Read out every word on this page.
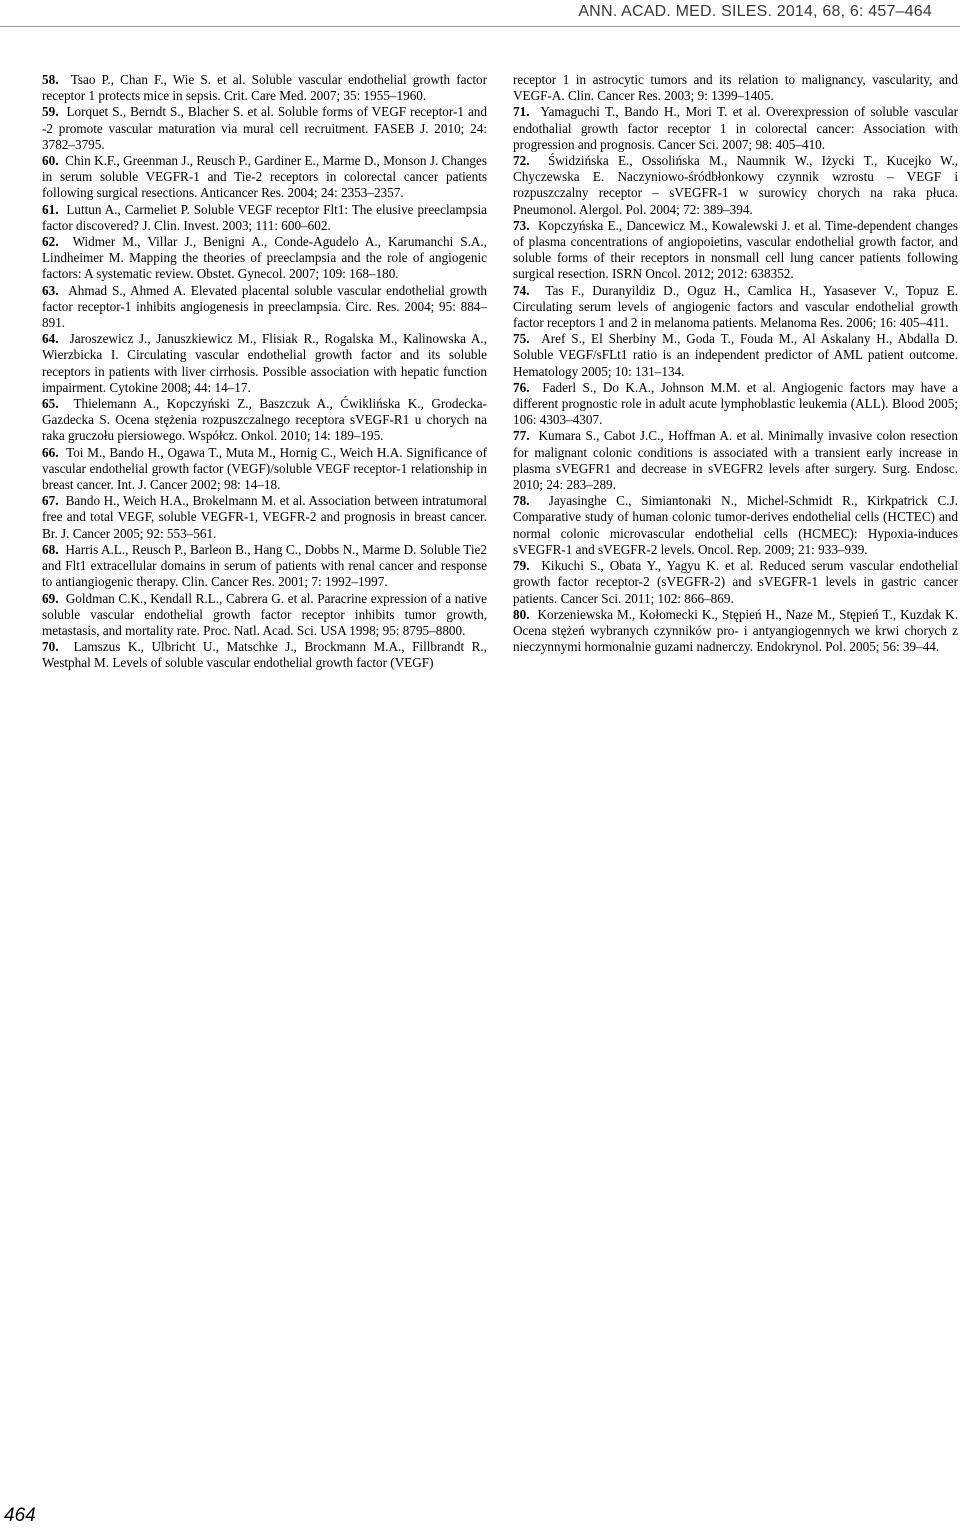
ANN. ACAD. MED. SILES. 2014, 68, 6: 457–464

58. Tsao P., Chan F., Wie S. et al. Soluble vascular endothelial growth factor receptor 1 protects mice in sepsis. Crit. Care Med. 2007; 35: 1955–1960.

59. Lorquet S., Berndt S., Blacher S. et al. Soluble forms of VEGF receptor-1 and -2 promote vascular maturation via mural cell recruitment. FASEB J. 2010; 24: 3782–3795.

60. Chin K.F., Greenman J., Reusch P., Gardiner E., Marme D., Monson J. Changes in serum soluble VEGFR-1 and Tie-2 receptors in colorectal cancer patients following surgical resections. Anticancer Res. 2004; 24: 2353–2357.

61. Luttun A., Carmeliet P. Soluble VEGF receptor Flt1: The elusive preeclampsia factor discovered? J. Clin. Invest. 2003; 111: 600–602.

62. Widmer M., Villar J., Benigni A., Conde-Agudelo A., Karumanchi S.A., Lindheimer M. Mapping the theories of preeclampsia and the role of angiogenic factors: A systematic review. Obstet. Gynecol. 2007; 109: 168–180.

63. Ahmad S., Ahmed A. Elevated placental soluble vascular endothelial growth factor receptor-1 inhibits angiogenesis in preeclampsia. Circ. Res. 2004; 95: 884–891.

64. Jaroszewicz J., Januszkiewicz M., Flisiak R., Rogalska M., Kalinowska A., Wierzbicka I. Circulating vascular endothelial growth factor and its soluble receptors in patients with liver cirrhosis. Possible association with hepatic function impairment. Cytokine 2008; 44: 14–17.

65. Thielemann A., Kopczyński Z., Baszczuk A., Ćwiklińska K., Grodecka-Gazdecka S. Ocena stężenia rozpuszczalnego receptora sVEGF-R1 u chorych na raka gruczołu piersiowego. Współcz. Onkol. 2010; 14: 189–195.

66. Toi M., Bando H., Ogawa T., Muta M., Hornig C., Weich H.A. Significance of vascular endothelial growth factor (VEGF)/soluble VEGF receptor-1 relationship in breast cancer. Int. J. Cancer 2002; 98: 14–18.

67. Bando H., Weich H.A., Brokelmann M. et al. Association between intratumoral free and total VEGF, soluble VEGFR-1, VEGFR-2 and prognosis in breast cancer. Br. J. Cancer 2005; 92: 553–561.

68. Harris A.L., Reusch P., Barleon B., Hang C., Dobbs N., Marme D. Soluble Tie2 and Flt1 extracellular domains in serum of patients with renal cancer and response to antiangiogenic therapy. Clin. Cancer Res. 2001; 7: 1992–1997.

69. Goldman C.K., Kendall R.L., Cabrera G. et al. Paracrine expression of a native soluble vascular endothelial growth factor receptor inhibits tumor growth, metastasis, and mortality rate. Proc. Natl. Acad. Sci. USA 1998; 95: 8795–8800.

70. Lamszus K., Ulbricht U., Matschke J., Brockmann M.A., Fillbrandt R., Westphal M. Levels of soluble vascular endothelial growth factor (VEGF)

receptor 1 in astrocytic tumors and its relation to malignancy, vascularity, and VEGF-A. Clin. Cancer Res. 2003; 9: 1399–1405.

71. Yamaguchi T., Bando H., Mori T. et al. Overexpression of soluble vascular endothalial growth factor receptor 1 in colorectal cancer: Association with progression and prognosis. Cancer Sci. 2007; 98: 405–410.

72. Świdzińska E., Ossolińska M., Naumnik W., Iżycki T., Kucejko W., Chyczewska E. Naczyniowo-śródbłonkowy czynnik wzrostu – VEGF i rozpuszczalny receptor – sVEGFR-1 w surowicy chorych na raka płuca. Pneumonol. Alergol. Pol. 2004; 72: 389–394.

73. Kopczyńska E., Dancewicz M., Kowalewski J. et al. Time-dependent changes of plasma concentrations of angiopoietins, vascular endothelial growth factor, and soluble forms of their receptors in nonsmall cell lung cancer patients following surgical resection. ISRN Oncol. 2012; 2012: 638352.

74. Tas F., Duranyildiz D., Oguz H., Camlica H., Yasasever V., Topuz E. Circulating serum levels of angiogenic factors and vascular endothelial growth factor receptors 1 and 2 in melanoma patients. Melanoma Res. 2006; 16: 405–411.

75. Aref S., El Sherbiny M., Goda T., Fouda M., Al Askalany H., Abdalla D. Soluble VEGF/sFLt1 ratio is an independent predictor of AML patient outcome. Hematology 2005; 10: 131–134.

76. Faderl S., Do K.A., Johnson M.M. et al. Angiogenic factors may have a different prognostic role in adult acute lymphoblastic leukemia (ALL). Blood 2005; 106: 4303–4307.

77. Kumara S., Cabot J.C., Hoffman A. et al. Minimally invasive colon resection for malignant colonic conditions is associated with a transient early increase in plasma sVEGFR1 and decrease in sVEGFR2 levels after surgery. Surg. Endosc. 2010; 24: 283–289.

78. Jayasinghe C., Simiantonaki N., Michel-Schmidt R., Kirkpatrick C.J. Comparative study of human colonic tumor-derives endothelial cells (HCTEC) and normal colonic microvascular endothelial cells (HCMEC): Hypoxia-induces sVEGFR-1 and sVEGFR-2 levels. Oncol. Rep. 2009; 21: 933–939.

79. Kikuchi S., Obata Y., Yagyu K. et al. Reduced serum vascular endothelial growth factor receptor-2 (sVEGFR-2) and sVEGFR-1 levels in gastric cancer patients. Cancer Sci. 2011; 102: 866–869.

80. Korzeniewska M., Kołomecki K., Stępień H., Naze M., Stępień T., Kuzdak K. Ocena stężeń wybranych czynników pro- i antyangiogennych we krwi chorych z nieczynnymi hormonalnie guzami nadnerczy. Endokrynol. Pol. 2005; 56: 39–44.

464
